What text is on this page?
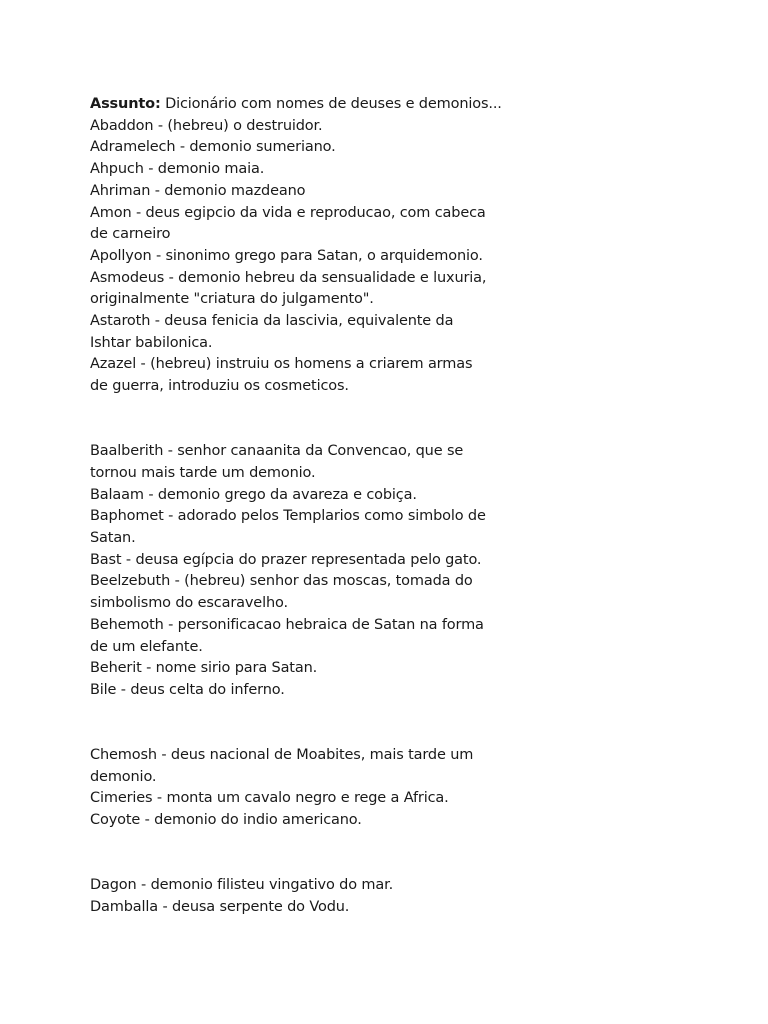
Assunto: Dicionário com nomes de deuses e demonios...
Abaddon - (hebreu) o destruidor.
Adramelech - demonio sumeriano.
Ahpuch - demonio maia.
Ahriman - demonio mazdeano
Amon - deus egipcio da vida e reproducao, com cabeca
de carneiro
Apollyon - sinonimo grego para Satan, o arquidemonio.
Asmodeus - demonio hebreu da sensualidade e luxuria,
originalmente "criatura do julgamento".
Astaroth - deusa fenicia da lascivia, equivalente da
Ishtar babilonica.
Azazel - (hebreu) instruiu os homens a criarem armas
de guerra, introduziu os cosmeticos.
Baalberith - senhor canaanita da Convencao, que se
tornou mais tarde um demonio.
Balaam - demonio grego da avareza e cobiça.
Baphomet - adorado pelos Templarios como simbolo de
Satan.
Bast - deusa egípcia do prazer representada pelo gato.
Beelzebuth - (hebreu) senhor das moscas, tomada do
simbolismo do escaravelho.
Behemoth - personificacao hebraica de Satan na forma
de um elefante.
Beherit - nome sirio para Satan.
Bile - deus celta do inferno.
Chemosh - deus nacional de Moabites, mais tarde um
demonio.
Cimeries - monta um cavalo negro e rege a Africa.
Coyote - demonio do indio americano.
Dagon - demonio filisteu vingativo do mar.
Damballa - deusa serpente do Vodu.
